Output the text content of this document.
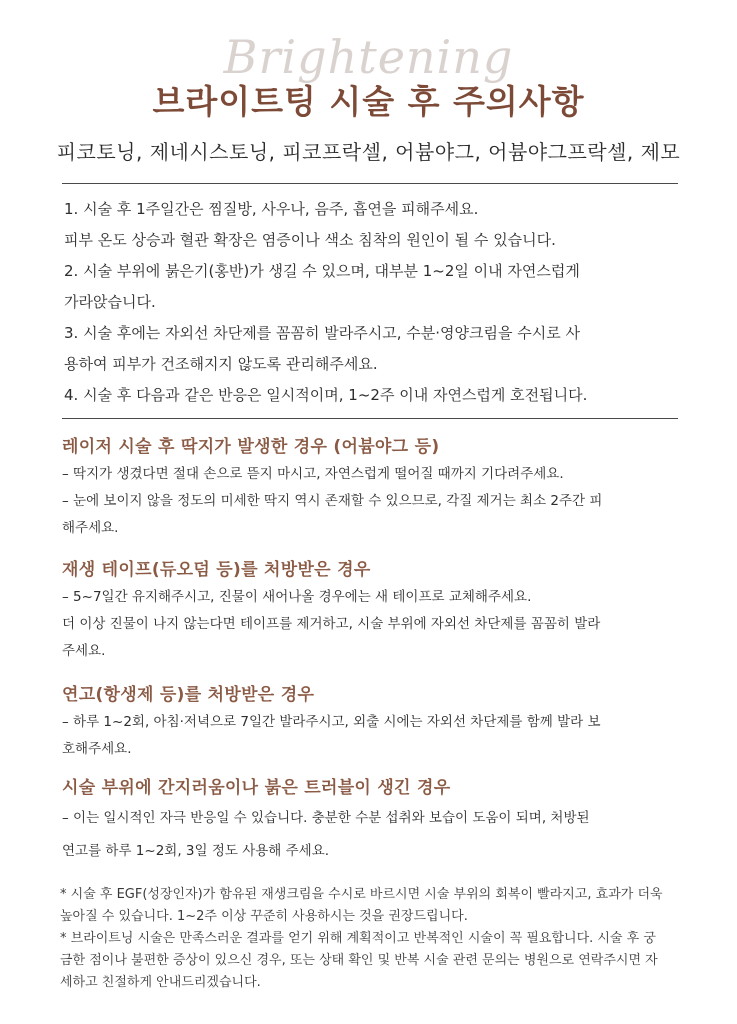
Brightening
브라이트팅 시술 후 주의사항
피코토닝, 제네시스토닝, 피코프락셀, 어븀야그, 어븀야그프락셀, 제모

1. 시술 후 1주일간은 찜질방, 사우나, 음주, 흡연을 피해주세요.

피부 온도 상승과 혈관 확장은 염증이나 색소 침착의 원인이 될 수 있습니다.

2. 시술 부위에 붉은기(홍반)가 생길 수 있으며, 대부분 1~2일 이내 자연스럽게

가라앉습니다.

3. 시술 후에는 자외선 차단제를 꼼꼼히 발라주시고, 수분·영양크림을 수시로 사

용하여 피부가 건조해지지 않도록 관리해주세요.

4. 시술 후 다음과 같은 반응은 일시적이며, 1~2주 이내 자연스럽게 호전됩니다.

레이저 시술 후 딱지가 발생한 경우 (어븀야그 등)

– 딱지가 생겼다면 절대 손으로 뜯지 마시고, 자연스럽게 떨어질 때까지 기다려주세요.

– 눈에 보이지 않을 정도의 미세한 딱지 역시 존재할 수 있으므로, 각질 제거는 최소 2주간 피

해주세요.

재생 테이프(듀오덤 등)를 처방받은 경우

– 5~7일간 유지해주시고, 진물이 새어나올 경우에는 새 테이프로 교체해주세요.

더 이상 진물이 나지 않는다면 테이프를 제거하고, 시술 부위에 자외선 차단제를 꼼꼼히 발라

주세요.

연고(항생제 등)를 처방받은 경우

– 하루 1~2회, 아침·저녁으로 7일간 발라주시고, 외출 시에는 자외선 차단제를 함께 발라 보

호해주세요.

시술 부위에 간지러움이나 붉은 트러블이 생긴 경우

– 이는 일시적인 자극 반응일 수 있습니다. 충분한 수분 섭취와 보습이 도움이 되며, 처방된

연고를 하루 1~2회, 3일 정도 사용해 주세요.

* 시술 후 EGF(성장인자)가 함유된 재생크림을 수시로 바르시면 시술 부위의 회복이 빨라지고, 효과가 더욱

높아질 수 있습니다. 1~2주 이상 꾸준히 사용하시는 것을 권장드립니다.

* 브라이트닝 시술은 만족스러운 결과를 얻기 위해 계획적이고 반복적인 시술이 꼭 필요합니다. 시술 후 궁

금한 점이나 불편한 증상이 있으신 경우, 또는 상태 확인 및 반복 시술 관련 문의는 병원으로 연락주시면 자

세하고 친절하게 안내드리겠습니다.
